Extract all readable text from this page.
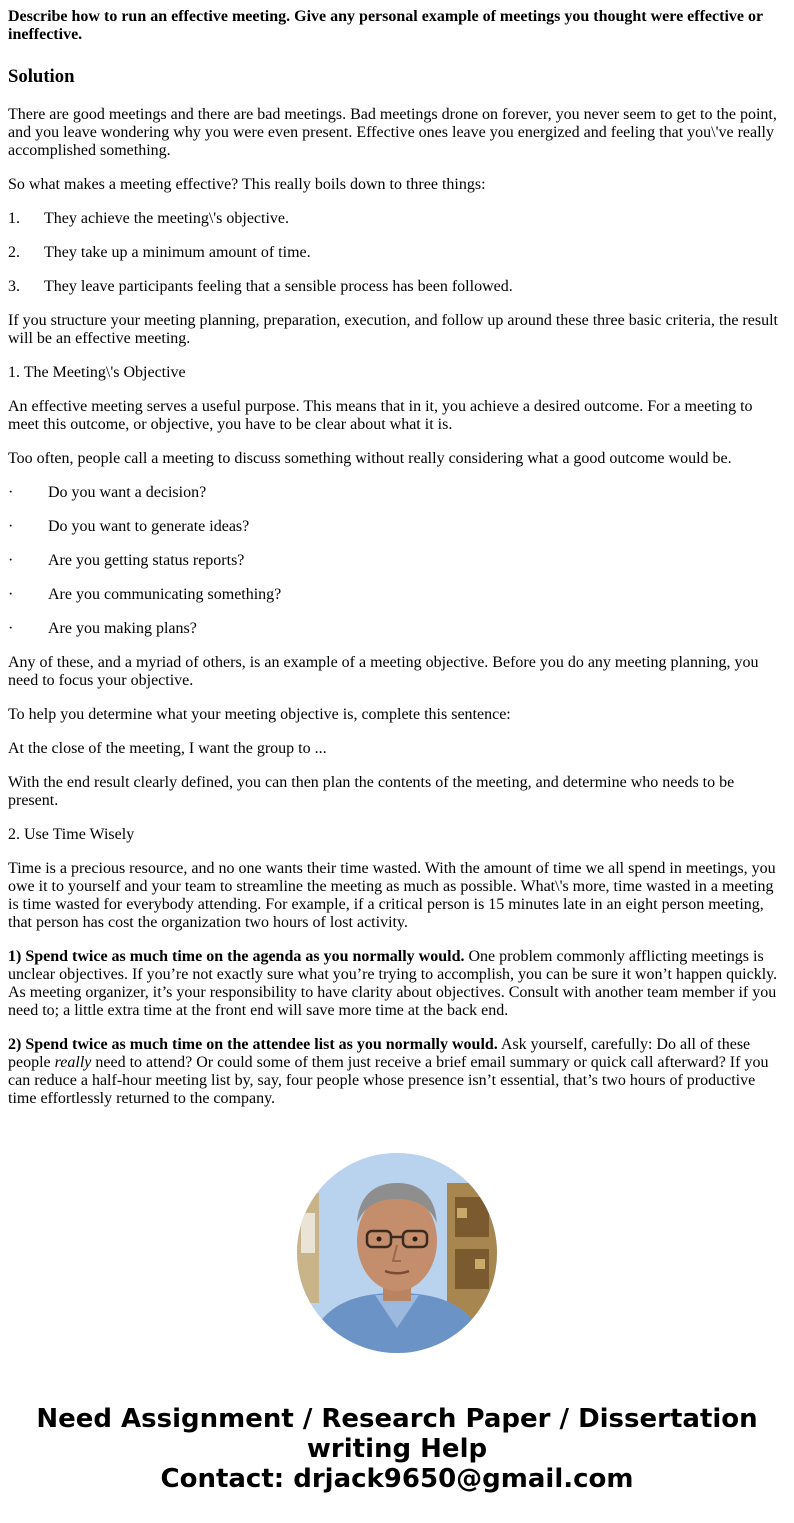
Describe how to run an effective meeting. Give any personal example of meetings you thought were effective or ineffective.
Solution
There are good meetings and there are bad meetings. Bad meetings drone on forever, you never seem to get to the point, and you leave wondering why you were even present. Effective ones leave you energized and feeling that you\'ve really accomplished something.
So what makes a meeting effective? This really boils down to three things:
1. They achieve the meeting\'s objective.
2. They take up a minimum amount of time.
3. They leave participants feeling that a sensible process has been followed.
If you structure your meeting planning, preparation, execution, and follow up around these three basic criteria, the result will be an effective meeting.
1. The Meeting\'s Objective
An effective meeting serves a useful purpose. This means that in it, you achieve a desired outcome. For a meeting to meet this outcome, or objective, you have to be clear about what it is.
Too often, people call a meeting to discuss something without really considering what a good outcome would be.
· Do you want a decision?
· Do you want to generate ideas?
· Are you getting status reports?
· Are you communicating something?
· Are you making plans?
Any of these, and a myriad of others, is an example of a meeting objective. Before you do any meeting planning, you need to focus your objective.
To help you determine what your meeting objective is, complete this sentence:
At the close of the meeting, I want the group to ...
With the end result clearly defined, you can then plan the contents of the meeting, and determine who needs to be present.
2. Use Time Wisely
Time is a precious resource, and no one wants their time wasted. With the amount of time we all spend in meetings, you owe it to yourself and your team to streamline the meeting as much as possible. What\'s more, time wasted in a meeting is time wasted for everybody attending. For example, if a critical person is 15 minutes late in an eight person meeting, that person has cost the organization two hours of lost activity.
1) Spend twice as much time on the agenda as you normally would. One problem commonly afflicting meetings is unclear objectives. If you’re not exactly sure what you’re trying to accomplish, you can be sure it won’t happen quickly. As meeting organizer, it’s your responsibility to have clarity about objectives. Consult with another team member if you need to; a little extra time at the front end will save more time at the back end.
2) Spend twice as much time on the attendee list as you normally would. Ask yourself, carefully: Do all of these people really need to attend? Or could some of them just receive a brief email summary or quick call afterward? If you can reduce a half-hour meeting list by, say, four people whose presence isn’t essential, that’s two hours of productive time effortlessly returned to the company.
Need Assignment / Research Paper / Dissertation
writing Help
Contact: drjack9650@gmail.com
